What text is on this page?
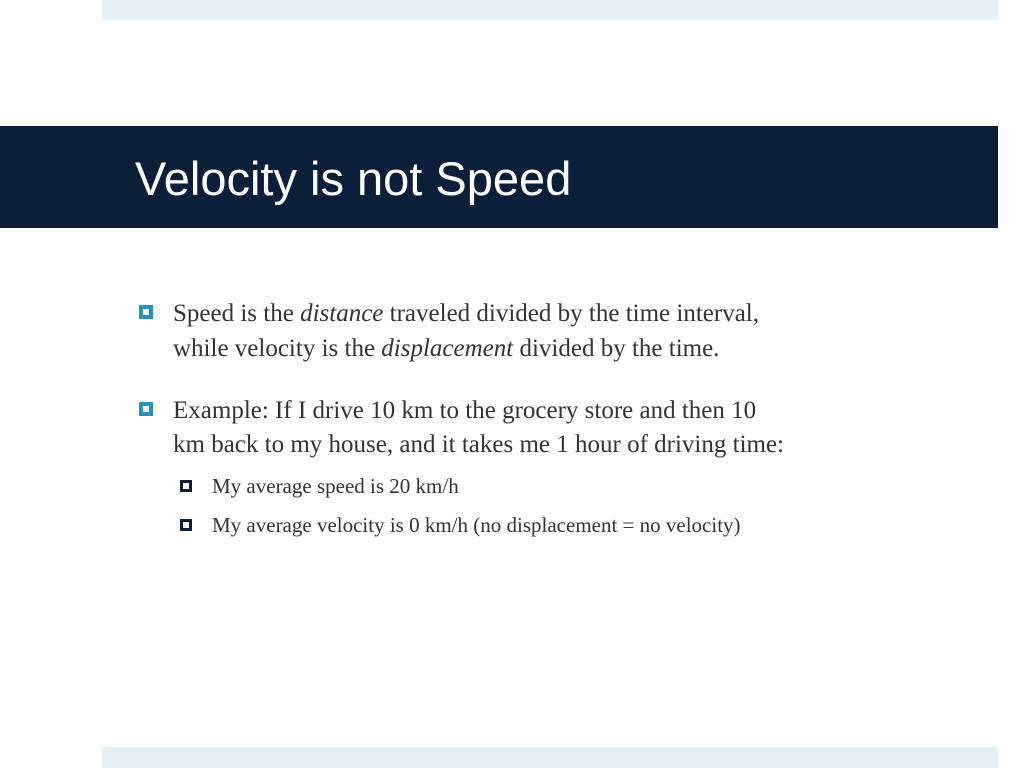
Velocity is not Speed
Speed is the distance traveled divided by the time interval,
while velocity is the displacement divided by the time.
Example: If I drive 10 km to the grocery store and then 10
km back to my house, and it takes me 1 hour of driving time:
My average speed is 20 km/h
My average velocity is 0 km/h (no displacement = no velocity)
